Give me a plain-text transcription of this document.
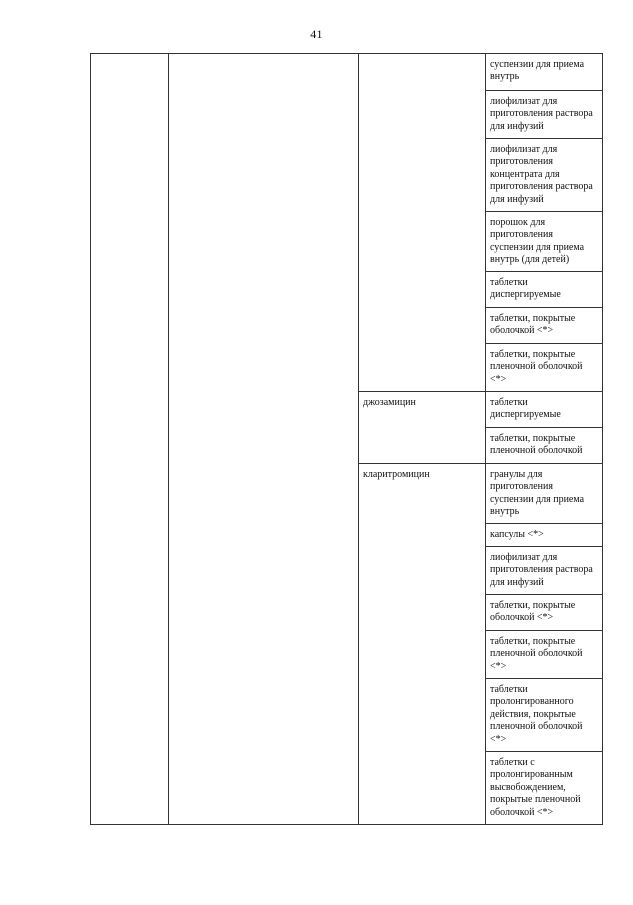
41

			суспензии для приема внутрь

			лиофилизат для приготовления раствора для инфузий

			лиофилизат для приготовления концентрата для приготовления раствора для инфузий

			порошок для приготовления суспензии для приема внутрь (для детей)

			таблетки диспергируемые

			таблетки, покрытые оболочкой <*>

			таблетки, покрытые пленочной оболочкой <*>

		джозамицин	таблетки диспергируемые

			таблетки, покрытые пленочной оболочкой

		кларитромицин	гранулы для приготовления суспензии для приема внутрь

			капсулы <*>

			лиофилизат для приготовления раствора для инфузий

			таблетки, покрытые оболочкой <*>

			таблетки, покрытые пленочной оболочкой <*>

			таблетки пролонгированного действия, покрытые пленочной оболочкой <*>

			таблетки с пролонгированным высвобождением, покрытые пленочной оболочкой <*>
